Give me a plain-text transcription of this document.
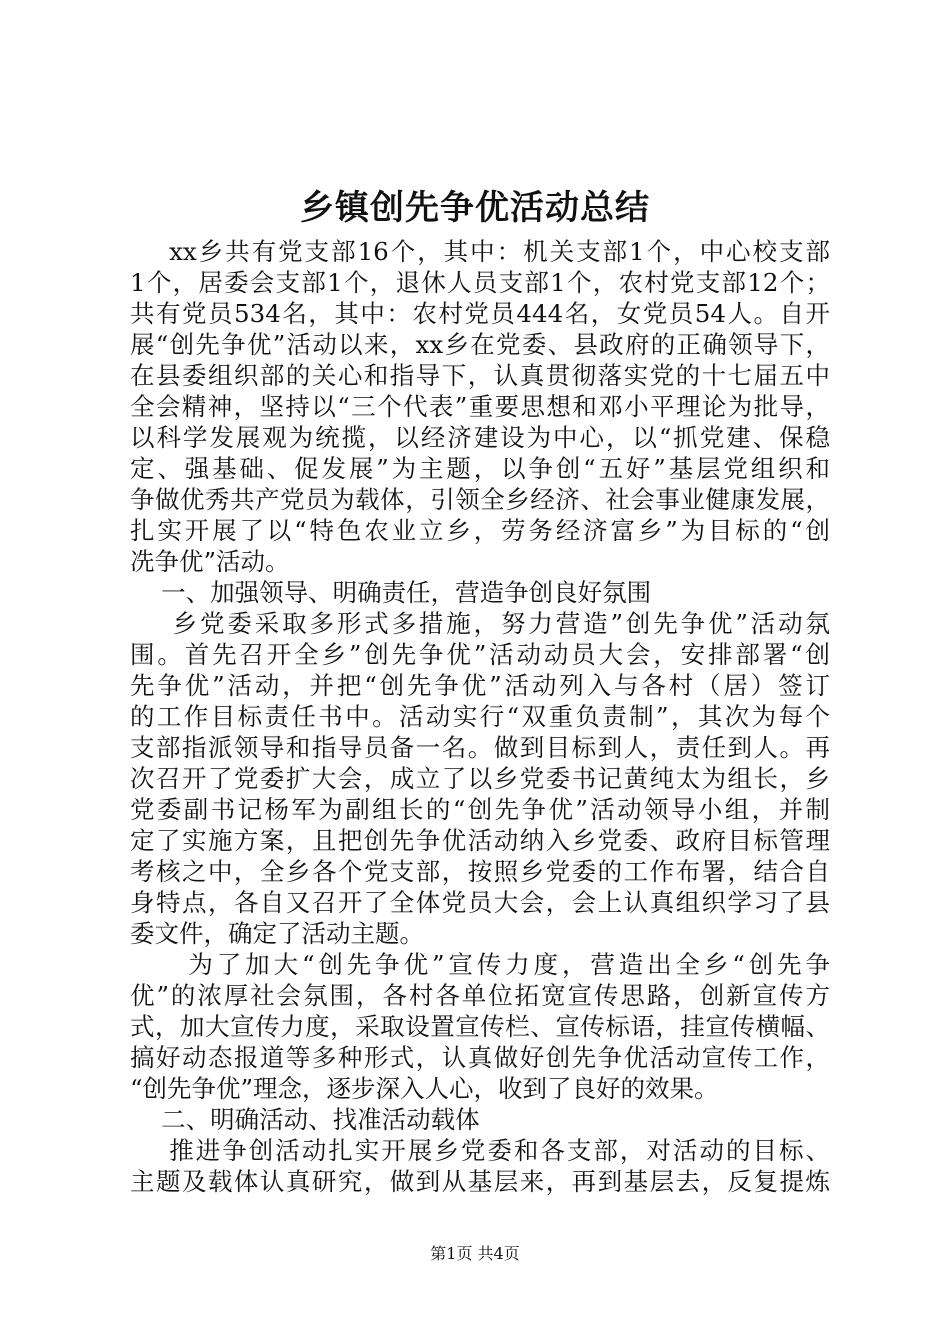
乡镇创先争优活动总结
xx乡共有党支部16个，其中：机关支部1个，中心校支部
1个，居委会支部1个，退休人员支部1个，农村党支部12个；
共有党员534名，其中：农村党员444名，女党员54人。自开
展“创先争优”活动以来，xx乡在党委、县政府的正确领导下，
在县委组织部的关心和指导下，认真贯彻落实党的十七届五中
全会精神，坚持以“三个代表”重要思想和邓小平理论为批导，
以科学发展观为统揽，以经济建设为中心，以“抓党建、保稳
定、强基础、促发展”为主题，以争创“五好”基层党组织和
争做优秀共产党员为载体，引领全乡经济、社会事业健康发展，
扎实开展了以“特色农业立乡，劳务经济富乡”为目标的“创
冼争优”活动。
一、加强领导、明确责任，营造争创良好氛围
乡党委采取多形式多措施，努力营造”创先争优”活动氛
围。首先召开全乡”创先争优”活动动员大会，安排部署“创
先争优”活动，并把“创先争优”活动列入与各村（居）签订
的工作目标责任书中。活动实行“双重负责制”，其次为每个
支部指派领导和指导员备一名。做到目标到人，责任到人。再
次召开了党委扩大会，成立了以乡党委书记黄纯太为组长，乡
党委副书记杨军为副组长的“创先争优”活动领导小组，并制
定了实施方案，且把创先争优活动纳入乡党委、政府目标管理
考核之中，全乡各个党支部，按照乡党委的工作布署，结合自
身特点，各自又召开了全体党员大会，会上认真组织学习了县
委文件，确定了活动主题。
为了加大“创先争优”宣传力度，营造出全乡“创先争
优”的浓厚社会氛围，各村各单位拓宽宣传思路，创新宣传方
式，加大宣传力度，采取设置宣传栏、宣传标语，挂宣传横幅、
搞好动态报道等多种形式，认真做好创先争优活动宣传工作，
“创先争优”理念，逐步深入人心，收到了良好的效果。
二、明确活动、找准活动载体
推进争创活动扎实开展乡党委和各支部，对活动的目标、
主题及载体认真研究，做到从基层来，再到基层去，反复提炼
第1页 共4页
